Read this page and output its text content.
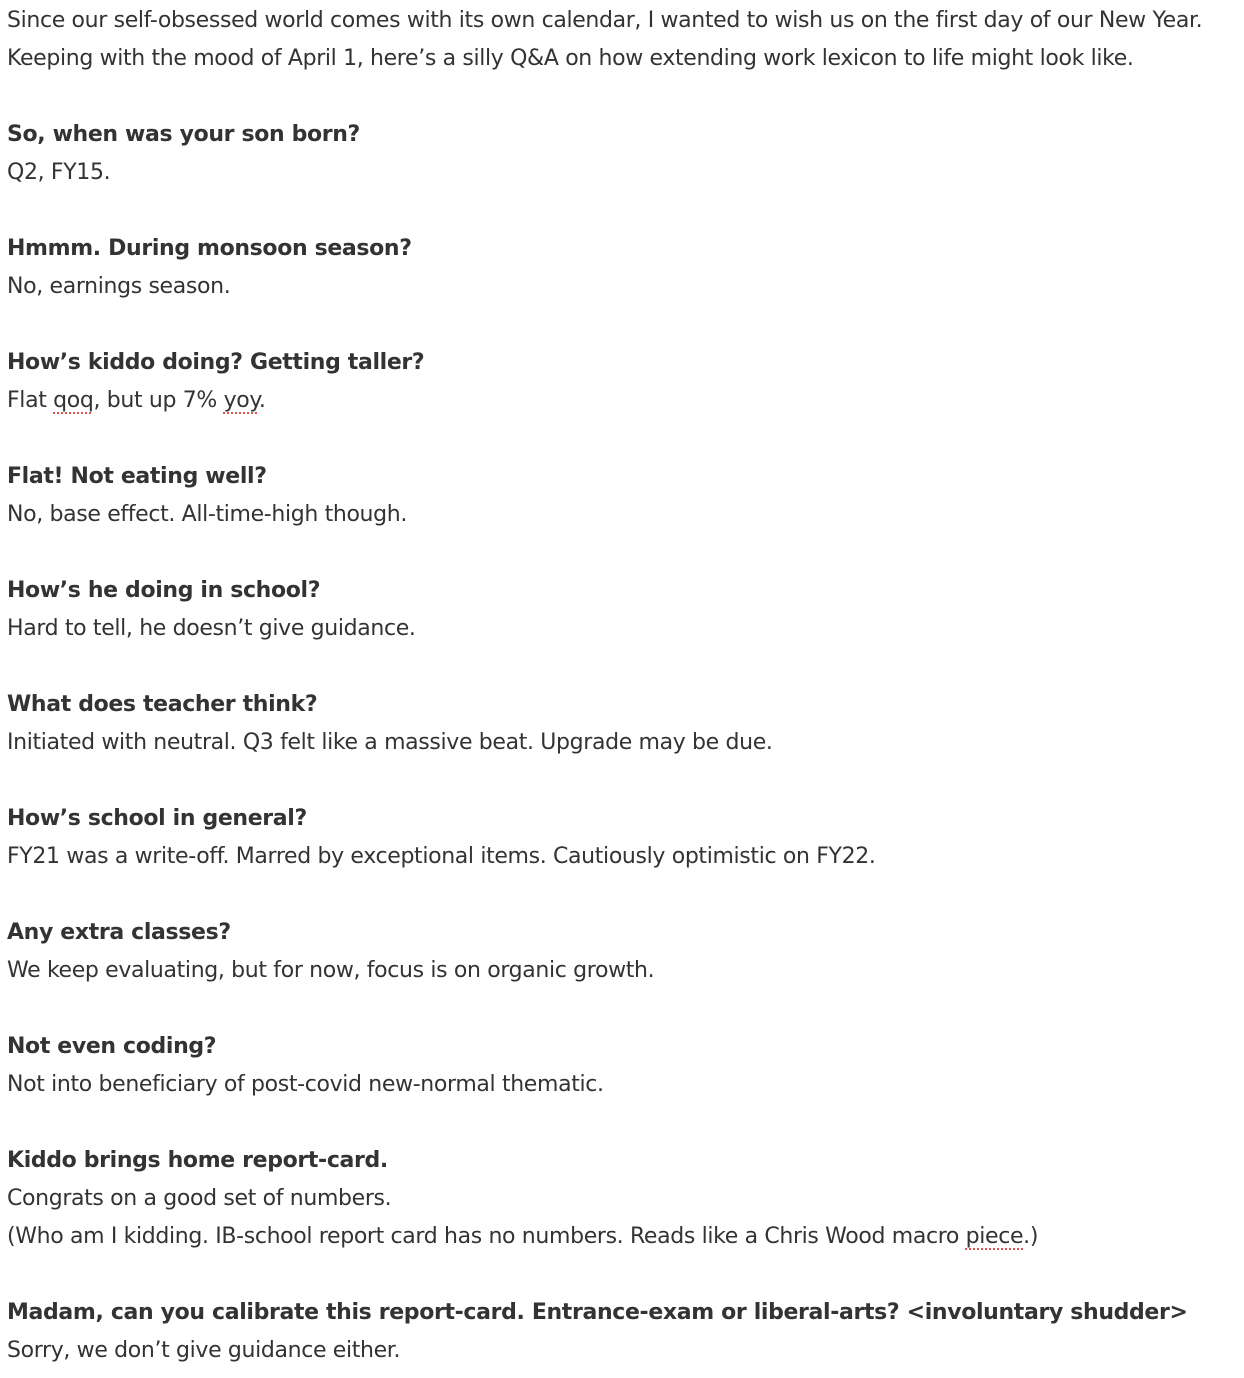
Since our self-obsessed world comes with its own calendar, I wanted to wish us on the first day of our New Year.
Keeping with the mood of April 1, here’s a silly Q&A on how extending work lexicon to life might look like.
So, when was your son born?
Q2, FY15.
Hmmm. During monsoon season?
No, earnings season.
How’s kiddo doing? Getting taller?
Flat qoq, but up 7% yoy.
Flat! Not eating well?
No, base effect. All-time-high though.
How’s he doing in school?
Hard to tell, he doesn’t give guidance.
What does teacher think?
Initiated with neutral. Q3 felt like a massive beat. Upgrade may be due.
How’s school in general?
FY21 was a write-off. Marred by exceptional items. Cautiously optimistic on FY22.
Any extra classes?
We keep evaluating, but for now, focus is on organic growth.
Not even coding?
Not into beneficiary of post-covid new-normal thematic.
Kiddo brings home report-card.
Congrats on a good set of numbers.
(Who am I kidding. IB-school report card has no numbers. Reads like a Chris Wood macro piece.)
Madam, can you calibrate this report-card. Entrance-exam or liberal-arts? <involuntary shudder>
Sorry, we don’t give guidance either.
